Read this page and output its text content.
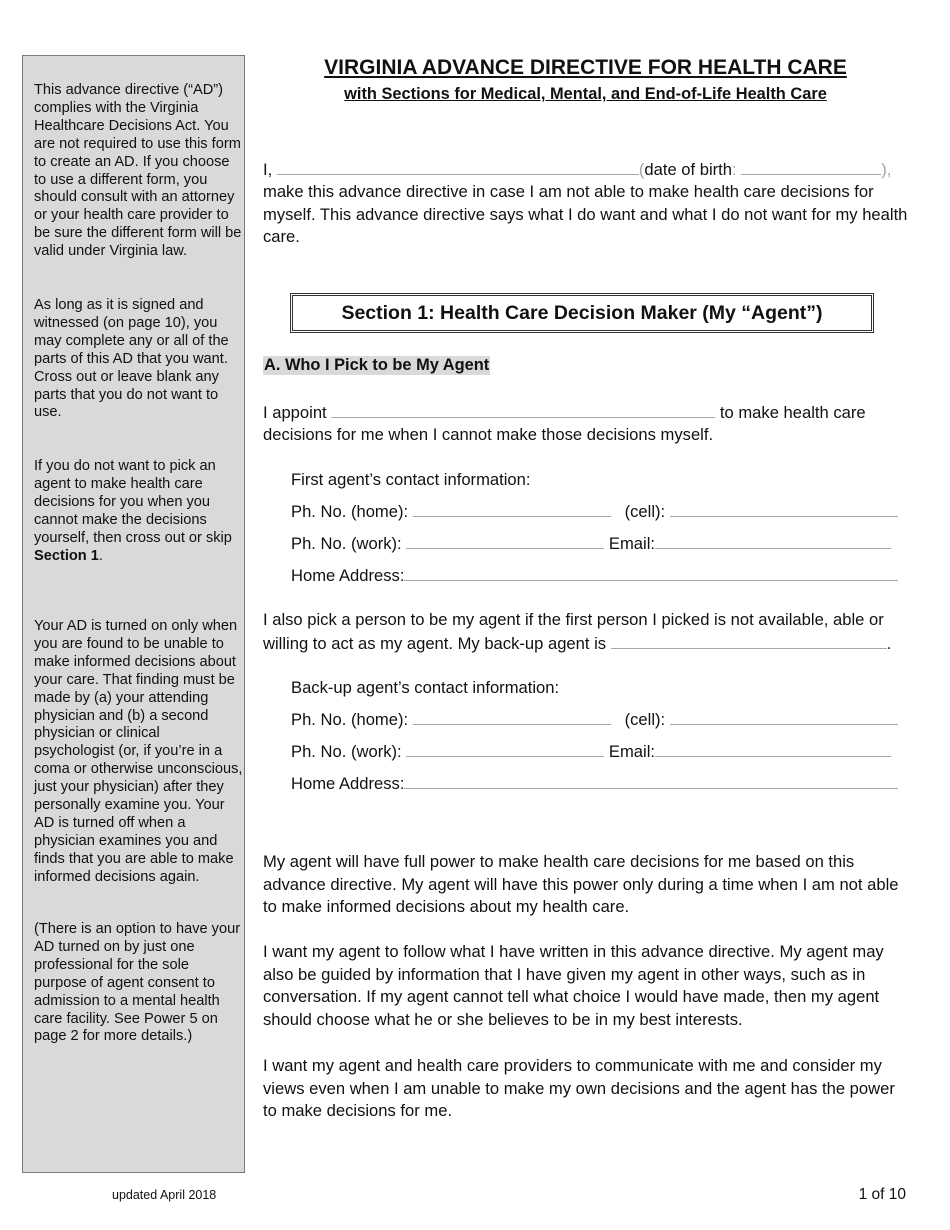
This advance directive (“AD”) complies with the Virginia Healthcare Decisions Act. You are not required to use this form to create an AD. If you choose to use a different form, you should consult with an attorney or your health care provider to be sure the different form will be valid under Virginia law.

As long as it is signed and witnessed (on page 10), you may complete any or all of the parts of this AD that you want. Cross out or leave blank any parts that you do not want to use.

If you do not want to pick an agent to make health care decisions for you when you cannot make the decisions yourself, then cross out or skip Section 1.

Your AD is turned on only when you are found to be unable to make informed decisions about your care. That finding must be made by (a) your attending physician and (b) a second physician or clinical psychologist (or, if you’re in a coma or otherwise unconscious, just your physician) after they personally examine you. Your AD is turned off when a physician examines you and finds that you are able to make informed decisions again.

(There is an option to have your AD turned on by just one professional for the sole purpose of agent consent to admission to a mental health care facility. See Power 5 on page 2 for more details.)

updated April 2018	1 of 10
VIRGINIA ADVANCE DIRECTIVE FOR HEALTH CARE
with Sections for Medical, Mental, and End-of-Life Health Care

I,	(date of birth:	),

make this advance directive in case I am not able to make health care decisions for myself. This advance directive says what I do want and what I do not want for my health care.

Section 1: Health Care Decision Maker (My “Agent”)
A. Who I Pick to be My Agent

I appoint	to make health care

decisions for me when I cannot make those decisions myself.

First agent’s contact information:
Ph. No. (home):	(cell):
Ph. No. (work):	Email:
Home Address:

I also pick a person to be my agent if the first person I picked is not available, able or

willing to act as my agent. My back-up agent is	.

Back-up agent’s contact information:
Ph. No. (home):	(cell):
Ph. No. (work):	Email:
Home Address:

My agent will have full power to make health care decisions for me based on this advance directive. My agent will have this power only during a time when I am not able to make informed decisions about my health care.

I want my agent to follow what I have written in this advance directive. My agent may also be guided by information that I have given my agent in other ways, such as in conversation. If my agent cannot tell what choice I would have made, then my agent should choose what he or she believes to be in my best interests.

I want my agent and health care providers to communicate with me and consider my views even when I am unable to make my own decisions and the agent has the power to make decisions for me.
